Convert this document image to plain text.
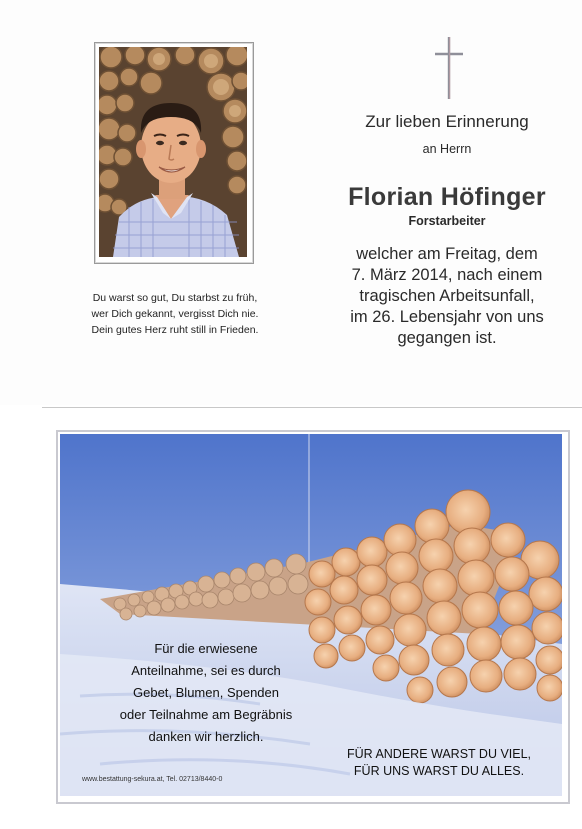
Du warst so gut, Du starbst zu früh,
wer Dich gekannt, vergisst Dich nie.
Dein gutes Herz ruht still in Frieden.
Zur lieben Erinnerung
an Herrn
Florian Höfinger
Forstarbeiter
welcher am Freitag, dem
7. März 2014, nach einem
tragischen Arbeitsunfall,
im 26. Lebensjahr von uns
gegangen ist.
Für die erwiesene
Anteilnahme, sei es durch
Gebet, Blumen, Spenden
oder Teilnahme am Begräbnis
danken wir herzlich.
FÜR ANDERE WARST DU VIEL,
FÜR UNS WARST DU ALLES.
www.bestattung-sekura.at, Tel. 02713/8440-0
